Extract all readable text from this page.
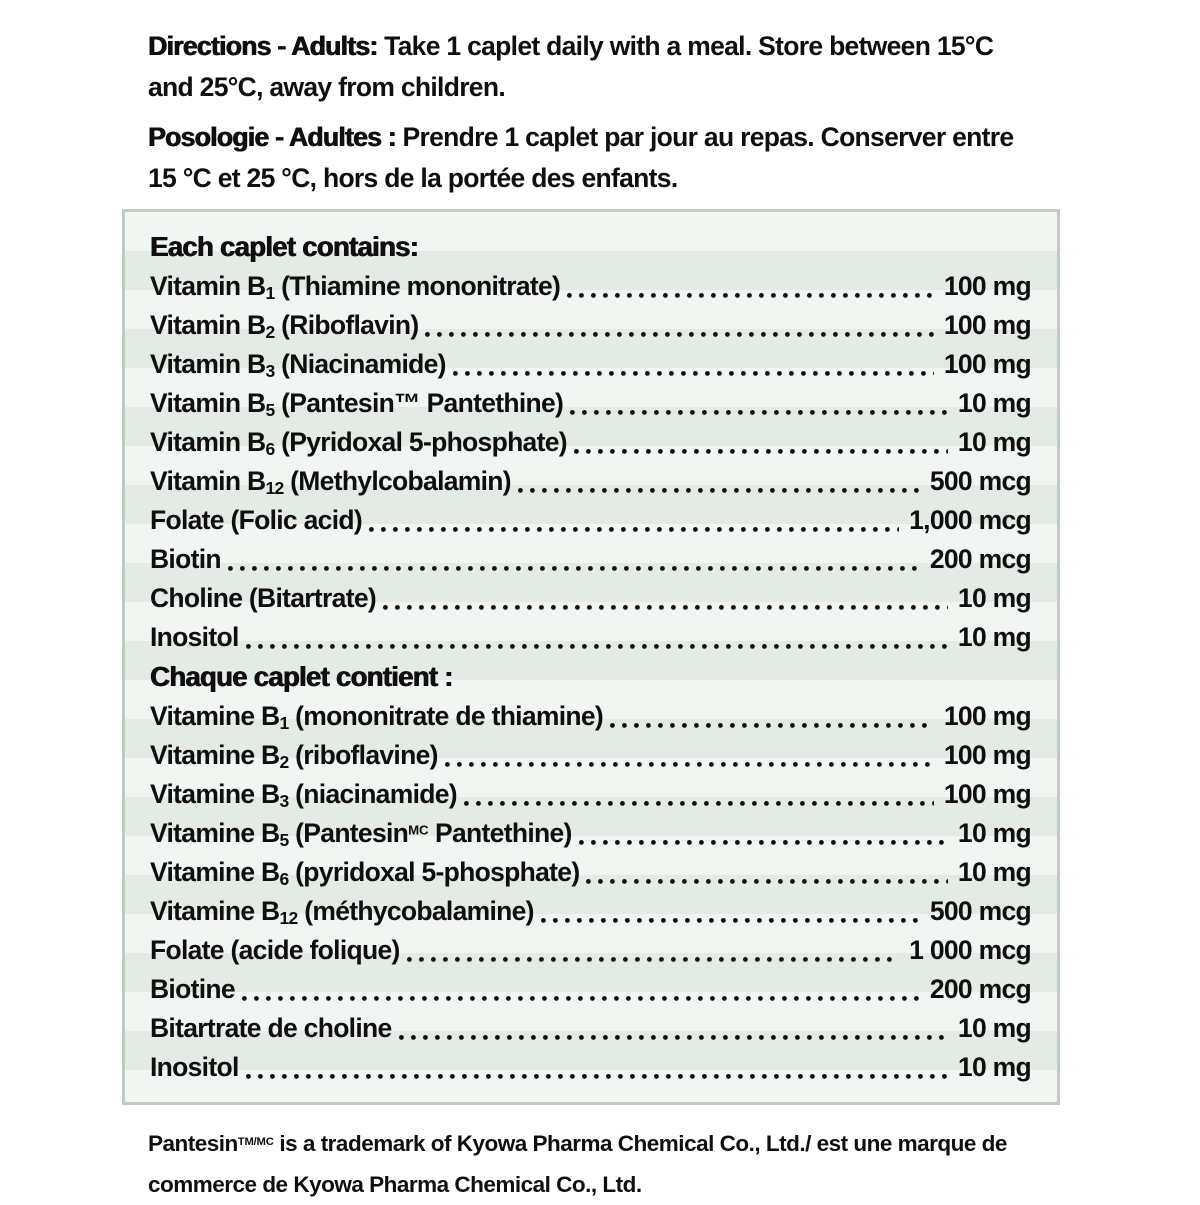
Directions - Adults: Take 1 caplet daily with a meal. Store between 15°C and 25°C, away from children.

Posologie - Adultes : Prendre 1 caplet par jour au repas. Conserver entre 15 °C et 25 °C, hors de la portée des enfants.

Each caplet contains:
Vitamin $B_1$ (Thiamine mononitrate)	100 mg
Vitamin $B_2$ (Riboflavin)	100 mg
Vitamin $B_3$ (Niacinamide)	100 mg
Vitamin $B_5$ (Pantesin™ Pantethine)	10 mg
Vitamin $B_6$ (Pyridoxal 5-phosphate)	10 mg
Vitamin $B_{12}$ (Methylcobalamin)	500 mcg
Folate (Folic acid)	1,000 mcg
Biotin	200 mcg
Choline (Bitartrate)	10 mg
Inositol	10 mg
Chaque caplet contient :
Vitamine $B_1$ (mononitrate de thiamine)	100 mg
Vitamine $B_2$ (riboflavine)	100 mg
Vitamine $B_3$ (niacinamide)	100 mg
Vitamine $B_5$ (Pantesin$^{MC}$ Pantethine)	10 mg
Vitamine $B_6$ (pyridoxal 5-phosphate)	10 mg
Vitamine $B_{12}$ (méthycobalamine)	500 mcg
Folate (acide folique)	1 000 mcg
Biotine	200 mcg
Bitartrate de choline	10 mg
Inositol	10 mg

Pantesin$^{TM/MC}$ is a trademark of Kyowa Pharma Chemical Co., Ltd./ est une marque de commerce de Kyowa Pharma Chemical Co., Ltd.
